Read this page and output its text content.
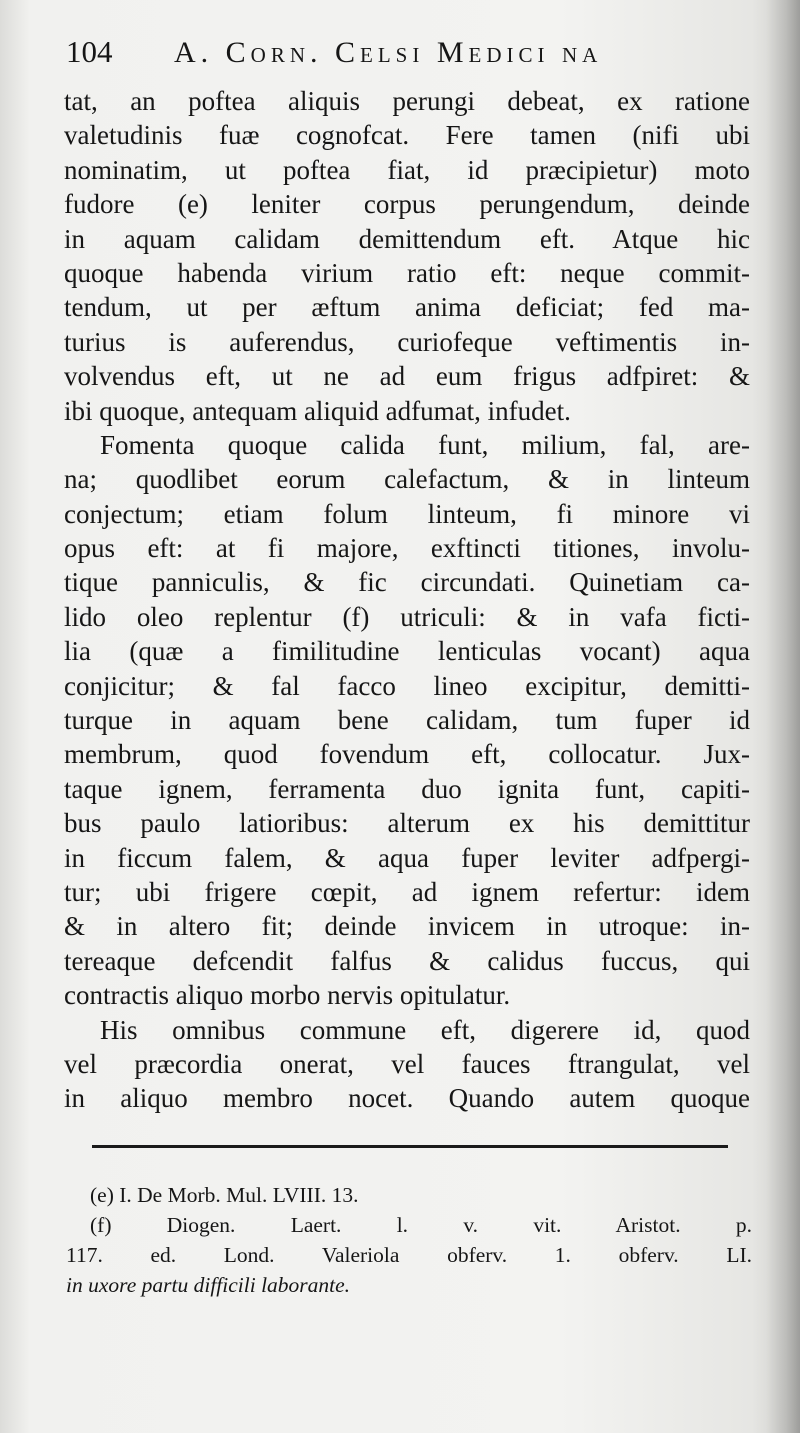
104	A. Corn. Celsi Medici na
tat, an poftea aliquis perungi debeat, ex ratione
valetudinis fuæ cognofcat. Fere tamen (nifi ubi
nominatim, ut poftea fiat, id præcipietur) moto
fudore (e) leniter corpus perungendum, deinde
in aquam calidam demittendum eft. Atque hic
quoque habenda virium ratio eft: neque commit-
tendum, ut per æftum anima deficiat; fed ma-
turius is auferendus, curiofeque veftimentis in-
volvendus eft, ut ne ad eum frigus adfpiret: &
ibi quoque, antequam aliquid adfumat, infudet.
Fomenta quoque calida funt, milium, fal, are-
na; quodlibet eorum calefactum, & in linteum
conjectum; etiam folum linteum, fi minore vi
opus eft: at fi majore, exftincti titiones, involu-
tique panniculis, & fic circundati. Quinetiam ca-
lido oleo replentur (f) utriculi: & in vafa ficti-
lia (quæ a fimilitudine lenticulas vocant) aqua
conjicitur; & fal facco lineo excipitur, demitti-
turque in aquam bene calidam, tum fuper id
membrum, quod fovendum eft, collocatur. Jux-
taque ignem, ferramenta duo ignita funt, capiti-
bus paulo latioribus: alterum ex his demittitur
in ficcum falem, & aqua fuper leviter adfpergi-
tur; ubi frigere cœpit, ad ignem refertur: idem
& in altero fit; deinde invicem in utroque: in-
tereaque defcendit falfus & calidus fuccus, qui
contractis aliquo morbo nervis opitulatur.
His omnibus commune eft, digerere id, quod
vel præcordia onerat, vel fauces ftrangulat, vel
in aliquo membro nocet. Quando autem quoque
(e) I. De Morb. Mul. LVIII. 13.
(f) Diogen. Laert. l. v. vit. Aristot. p.
117. ed. Lond. Valeriola obferv. 1. obferv. LI.
in uxore partu difficili laborante.
